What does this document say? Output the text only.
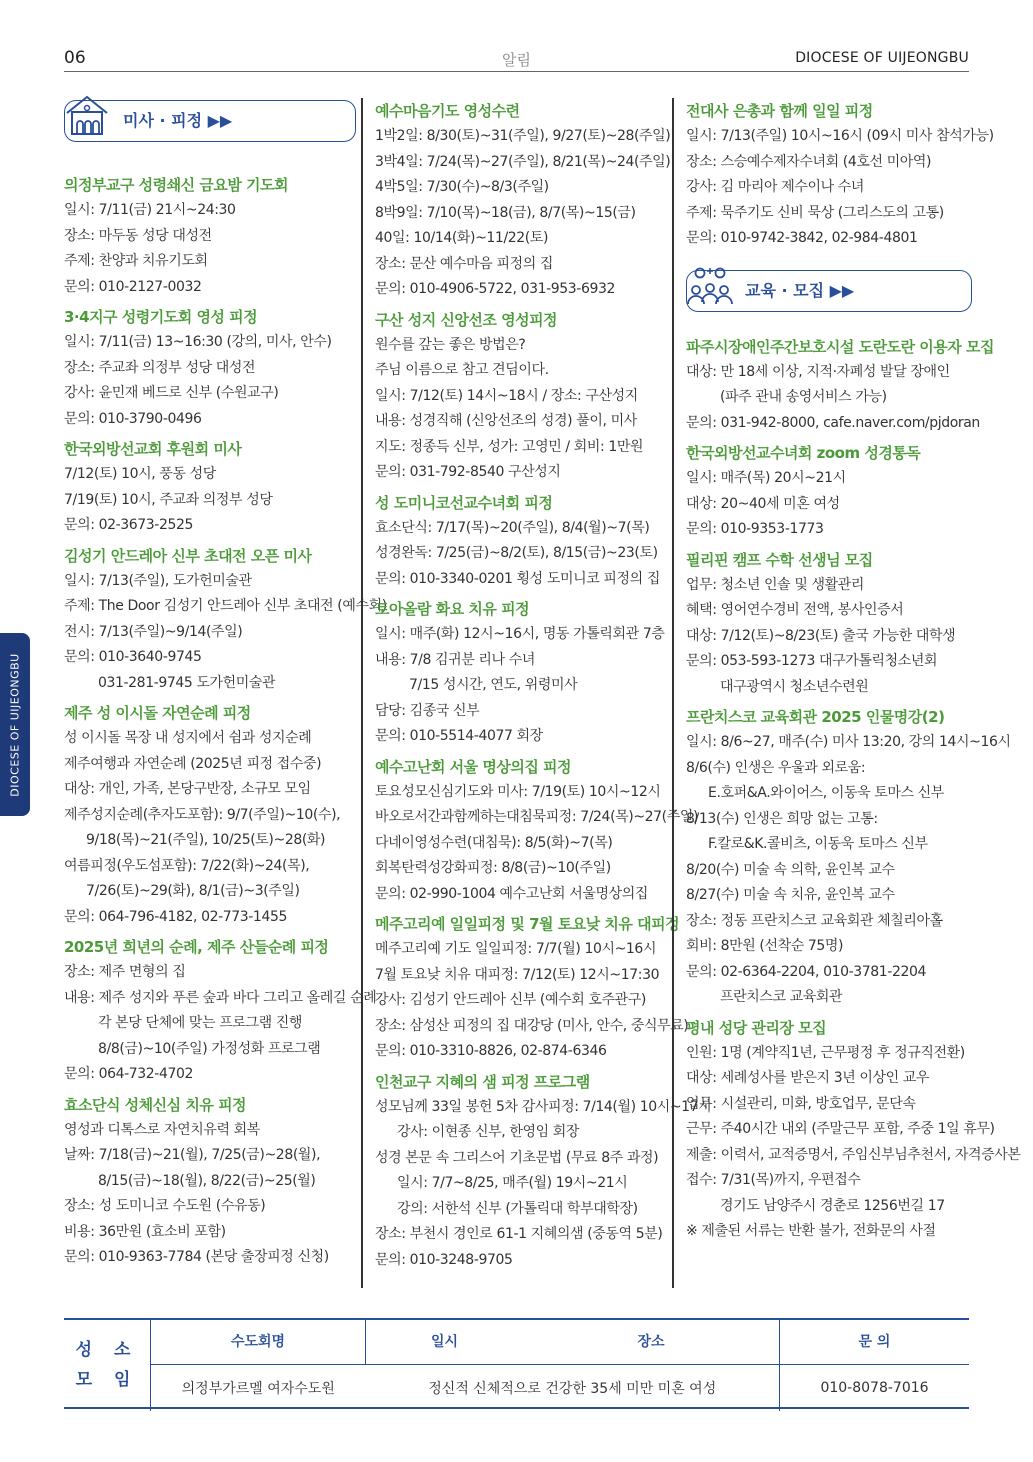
06	알림	DIOCESE OF UIJEONGBU
DIOCESE OF UIJEONGBU
미사 · 피정 ▶▶
의정부교구 성령쇄신 금요밤 기도회
일시: 7/11(금) 21시~24:30
장소: 마두동 성당 대성전
주제: 찬양과 치유기도회
문의: 010-2127-0032
3·4지구 성령기도회 영성 피정
일시: 7/11(금) 13~16:30 (강의, 미사, 안수)
장소: 주교좌 의정부 성당 대성전
강사: 윤민재 베드로 신부 (수원교구)
문의: 010-3790-0496
한국외방선교회 후원회 미사
7/12(토) 10시, 풍동 성당
7/19(토) 10시, 주교좌 의정부 성당
문의: 02-3673-2525
김성기 안드레아 신부 초대전 오픈 미사
일시: 7/13(주일), 도가헌미술관
주제: The Door 김성기 안드레아 신부 초대전 (예수회)
전시: 7/13(주일)~9/14(주일)
문의: 010-3640-9745
031-281-9745 도가헌미술관
제주 성 이시돌 자연순례 피정
성 이시돌 목장 내 성지에서 쉼과 성지순례
제주여행과 자연순례 (2025년 피정 접수중)
대상: 개인, 가족, 본당구반장, 소규모 모임
제주성지순례(추자도포함): 9/7(주일)~10(수),
9/18(목)~21(주일), 10/25(토)~28(화)
여름피정(우도섬포함): 7/22(화)~24(목),
7/26(토)~29(화), 8/1(금)~3(주일)
문의: 064-796-4182, 02-773-1455
2025년 희년의 순례, 제주 산들순례 피정
장소: 제주 면형의 집
내용: 제주 성지와 푸른 숲과 바다 그리고 올레길 순례
각 본당 단체에 맞는 프로그램 진행
8/8(금)~10(주일) 가정성화 프로그램
문의: 064-732-4702
효소단식 성체신심 치유 피정
영성과 디톡스로 자연치유력 회복
날짜: 7/18(금)~21(월), 7/25(금)~28(월),
8/15(금)~18(월), 8/22(금)~25(월)
장소: 성 도미니코 수도원 (수유동)
비용: 36만원 (효소비 포함)
문의: 010-9363-7784 (본당 출장피정 신청)
예수마음기도 영성수련
1박2일: 8/30(토)~31(주일), 9/27(토)~28(주일)
3박4일: 7/24(목)~27(주일), 8/21(목)~24(주일)
4박5일: 7/30(수)~8/3(주일)
8박9일: 7/10(목)~18(금), 8/7(목)~15(금)
40일: 10/14(화)~11/22(토)
장소: 문산 예수마음 피정의 집
문의: 010-4906-5722, 031-953-6932
구산 성지 신앙선조 영성피정
원수를 갚는 좋은 방법은?
주님 이름으로 참고 견딤이다.
일시: 7/12(토) 14시~18시 / 장소: 구산성지
내용: 성경직해 (신앙선조의 성경) 풀이, 미사
지도: 정종득 신부, 성가: 고영민 / 회비: 1만원
문의: 031-792-8540 구산성지
성 도미니코선교수녀회 피정
효소단식: 7/17(목)~20(주일), 8/4(월)~7(목)
성경완독: 7/25(금)~8/2(토), 8/15(금)~23(토)
문의: 010-3340-0201 횡성 도미니코 피정의 집
토아올람 화요 치유 피정
일시: 매주(화) 12시~16시, 명동 가톨릭회관 7층
내용: 7/8 김귀분 리나 수녀
7/15 성시간, 연도, 위령미사
담당: 김종국 신부
문의: 010-5514-4077 회장
예수고난회 서울 명상의집 피정
토요성모신심기도와 미사: 7/19(토) 10시~12시
바오로서간과함께하는대침묵피정: 7/24(목)~27(주일)
다네이영성수련(대침묵): 8/5(화)~7(목)
회복탄력성강화피정: 8/8(금)~10(주일)
문의: 02-990-1004 예수고난회 서울명상의집
메주고리예 일일피정 및 7월 토요낮 치유 대피정
메주고리예 기도 일일피정: 7/7(월) 10시~16시
7월 토요낮 치유 대피정: 7/12(토) 12시~17:30
강사: 김성기 안드레아 신부 (예수회 호주관구)
장소: 삼성산 피정의 집 대강당 (미사, 안수, 중식무료)
문의: 010-3310-8826, 02-874-6346
인천교구 지혜의 샘 피정 프로그램
성모님께 33일 봉헌 5차 감사피정: 7/14(월) 10시~17시
강사: 이현종 신부, 한영임 회장
성경 본문 속 그리스어 기초문법 (무료 8주 과정)
일시: 7/7~8/25, 매주(월) 19시~21시
강의: 서한석 신부 (가톨릭대 학부대학장)
장소: 부천시 경인로 61-1 지혜의샘 (중동역 5분)
문의: 010-3248-9705
전대사 은총과 함께 일일 피정
일시: 7/13(주일) 10시~16시 (09시 미사 참석가능)
장소: 스승예수제자수녀회 (4호선 미아역)
강사: 김 마리아 제수이나 수녀
주제: 묵주기도 신비 묵상 (그리스도의 고통)
문의: 010-9742-3842, 02-984-4801
교육 · 모집 ▶▶
파주시장애인주간보호시설 도란도란 이용자 모집
대상: 만 18세 이상, 지적·자폐성 발달 장애인
(파주 관내 송영서비스 가능)
문의: 031-942-8000, cafe.naver.com/pjdoran
한국외방선교수녀회 zoom 성경통독
일시: 매주(목) 20시~21시
대상: 20~40세 미혼 여성
문의: 010-9353-1773
필리핀 캠프 수학 선생님 모집
업무: 청소년 인솔 및 생활관리
혜택: 영어연수경비 전액, 봉사인증서
대상: 7/12(토)~8/23(토) 출국 가능한 대학생
문의: 053-593-1273 대구가톨릭청소년회
대구광역시 청소년수련원
프란치스코 교육회관 2025 인물명강(2)
일시: 8/6~27, 매주(수) 미사 13:20, 강의 14시~16시
8/6(수) 인생은 우울과 외로움:
E.호퍼&A.와이어스, 이동욱 토마스 신부
8/13(수) 인생은 희망 없는 고통:
F.칼로&K.콜비츠, 이동욱 토마스 신부
8/20(수) 미술 속 의학, 윤인복 교수
8/27(수) 미술 속 치유, 윤인복 교수
장소: 정동 프란치스코 교육회관 체칠리아홀
회비: 8만원 (선착순 75명)
문의: 02-6364-2204, 010-3781-2204
프란치스코 교육회관
평내 성당 관리장 모집
인원: 1명 (계약직1년, 근무평정 후 정규직전환)
대상: 세례성사를 받은지 3년 이상인 교우
업무: 시설관리, 미화, 방호업무, 문단속
근무: 주40시간 내외 (주말근무 포함, 주중 1일 휴무)
제출: 이력서, 교적증명서, 주임신부님추천서, 자격증사본
접수: 7/31(목)까지, 우편접수
경기도 남양주시 경춘로 1256번길 17
※ 제출된 서류는 반환 불가, 전화문의 사절
성 소
모 임	수도회명	일시	장소	문 의
	의정부가르멜 여자수도원	정신적 신체적으로 건강한 35세 미만 미혼 여성		010-8078-7016
